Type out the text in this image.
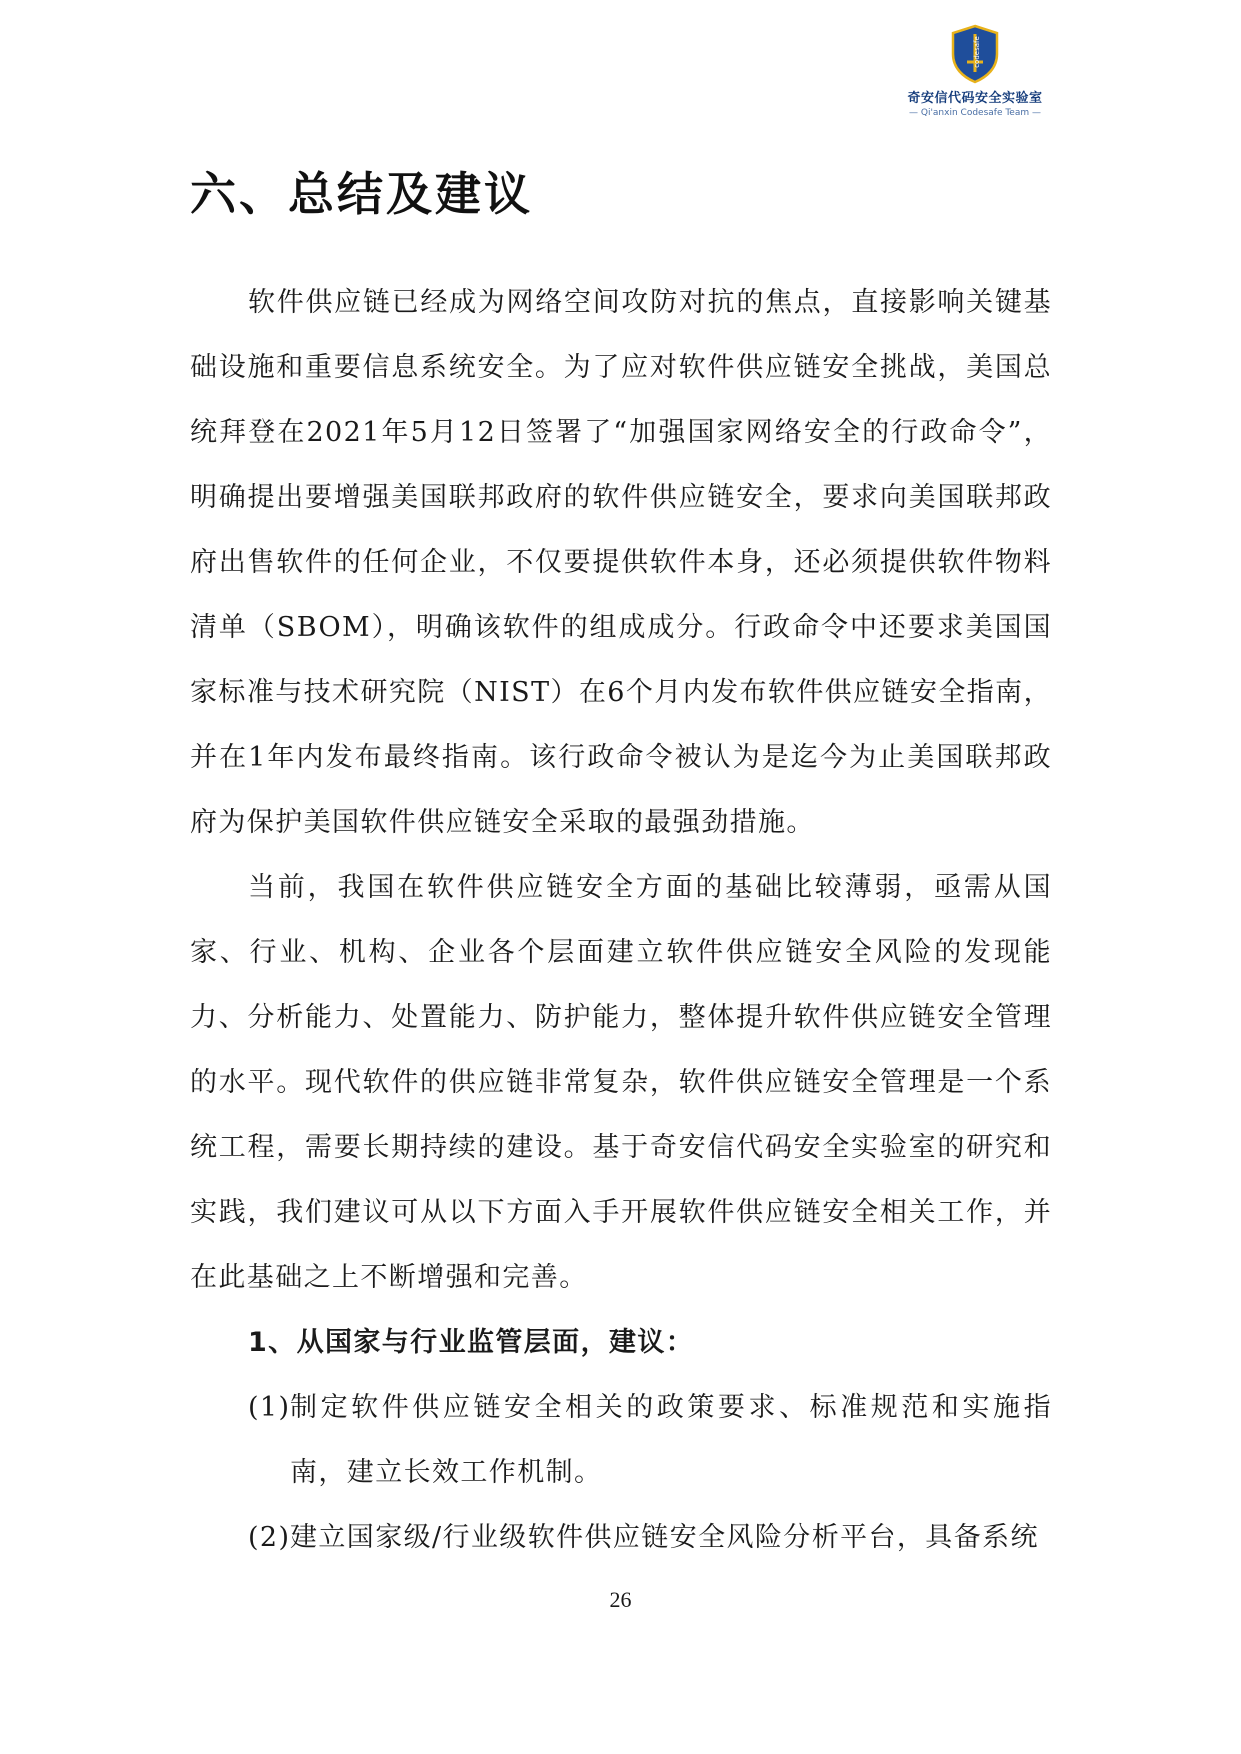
codesafe
奇安信代码安全实验室
— Qi'anxin Codesafe Team —
六、总结及建议

软件供应链已经成为网络空间攻防对抗的焦点，直接影响关键基础设施和重要信息系统安全。为了应对软件供应链安全挑战，美国总统拜登在2021年5月12日签署了“加强国家网络安全的行政命令”，明确提出要增强美国联邦政府的软件供应链安全，要求向美国联邦政府出售软件的任何企业，不仅要提供软件本身，还必须提供软件物料清单（SBOM），明确该软件的组成成分。行政命令中还要求美国国家标准与技术研究院（NIST）在6个月内发布软件供应链安全指南，并在1年内发布最终指南。该行政命令被认为是迄今为止美国联邦政府为保护美国软件供应链安全采取的最强劲措施。

当前，我国在软件供应链安全方面的基础比较薄弱，亟需从国家、行业、机构、企业各个层面建立软件供应链安全风险的发现能力、分析能力、处置能力、防护能力，整体提升软件供应链安全管理的水平。现代软件的供应链非常复杂，软件供应链安全管理是一个系统工程，需要长期持续的建设。基于奇安信代码安全实验室的研究和实践，我们建议可从以下方面入手开展软件供应链安全相关工作，并在此基础之上不断增强和完善。

1、从国家与行业监管层面，建议：

(1) 制定软件供应链安全相关的政策要求、标准规范和实施指南，建立长效工作机制。
(2) 建立国家级/行业级软件供应链安全风险分析平台，具备系统
26
